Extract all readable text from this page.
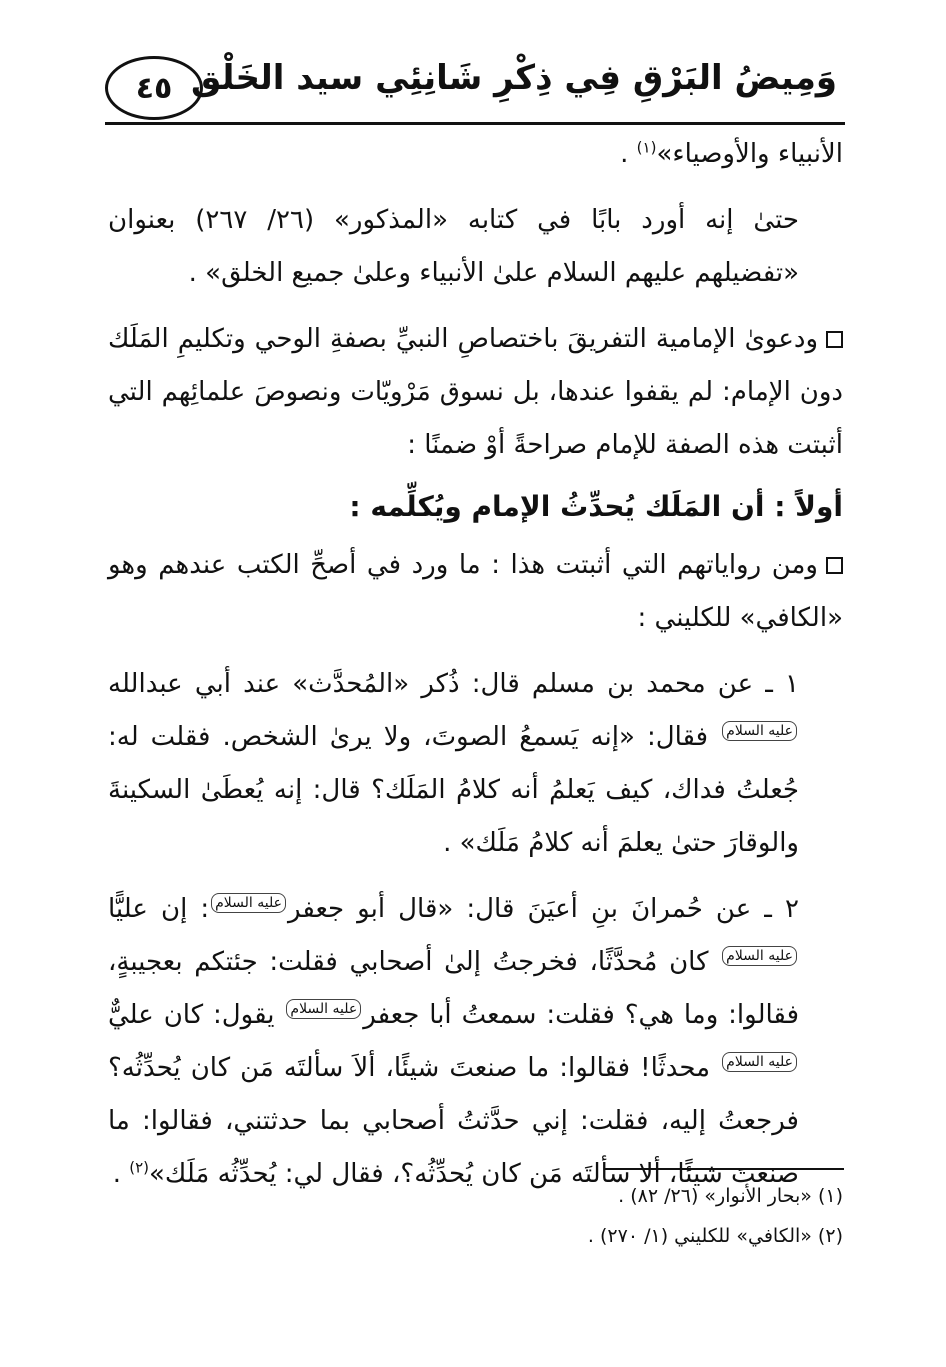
وَمِيضُ البَرْقِ فِي ذِكْرِ شَانِئِي سيد الخَلْق
٤٥

الأنبياء والأوصياء»$^{(١)}$ .

حتىٰ إنه أورد بابًا في كتابه «المذكور» (٢٦/ ٢٦٧) بعنوان «تفضيلهم عليهم السلام علىٰ الأنبياء وعلىٰ جميع الخلق» .

ودعوىٰ الإمامية التفريقَ باختصاصِ النبيِّ بصفةِ الوحي وتكليمِ المَلَك دون الإمام: لم يقفوا عندها، بل نسوق مَرْويّات ونصوصَ علمائِهم التي أثبتت هذه الصفة للإمام صراحةً أوْ ضمنًا :

أولاً : أن المَلَك يُحدِّثُ الإمام ويُكلِّمه :

ومن رواياتهم التي أثبتت هذا : ما ورد في أصحِّ الكتب عندهم وهو «الكافي» للكليني :

١ ـ عن محمد بن مسلم قال: ذُكر «المُحدَّث» عند أبي عبداللهعليه السلام فقال: «إنه يَسمعُ الصوتَ، ولا يرىٰ الشخص. فقلت له: جُعلتُ فداك، كيف يَعلمُ أنه كلامُ المَلَك؟ قال: إنه يُعطَىٰ السكينةَ والوقارَ حتىٰ يعلمَ أنه كلامُ مَلَك» .

٢ ـ عن حُمرانَ بنِ أعيَنَ قال: «قال أبو جعفرعليه السلام: إن عليًّاعليه السلام كان مُحدَّثًا، فخرجتُ إلىٰ أصحابي فقلت: جئتكم بعجيبةٍ، فقالوا: وما هي؟ فقلت: سمعتُ أبا جعفرعليه السلام يقول: كان عليٌّعليه السلام محدثًا! فقالوا: ما صنعتَ شيئًا، ألاَ سألتَه مَن كان يُحدِّثُه؟ فرجعتُ إليه، فقلت: إني حدَّثتُ أصحابي بما حدثتني، فقالوا: ما صنعتَ شيئًا، ألا سألتَه مَن كان يُحدِّثُه؟، فقال لي: يُحدِّثُه مَلَك»$^{(٢)}$ .

(١) «بحار الأنوار» (٢٦/ ٨٢) .

(٢) «الكافي» للكليني (١/ ٢٧٠) .
